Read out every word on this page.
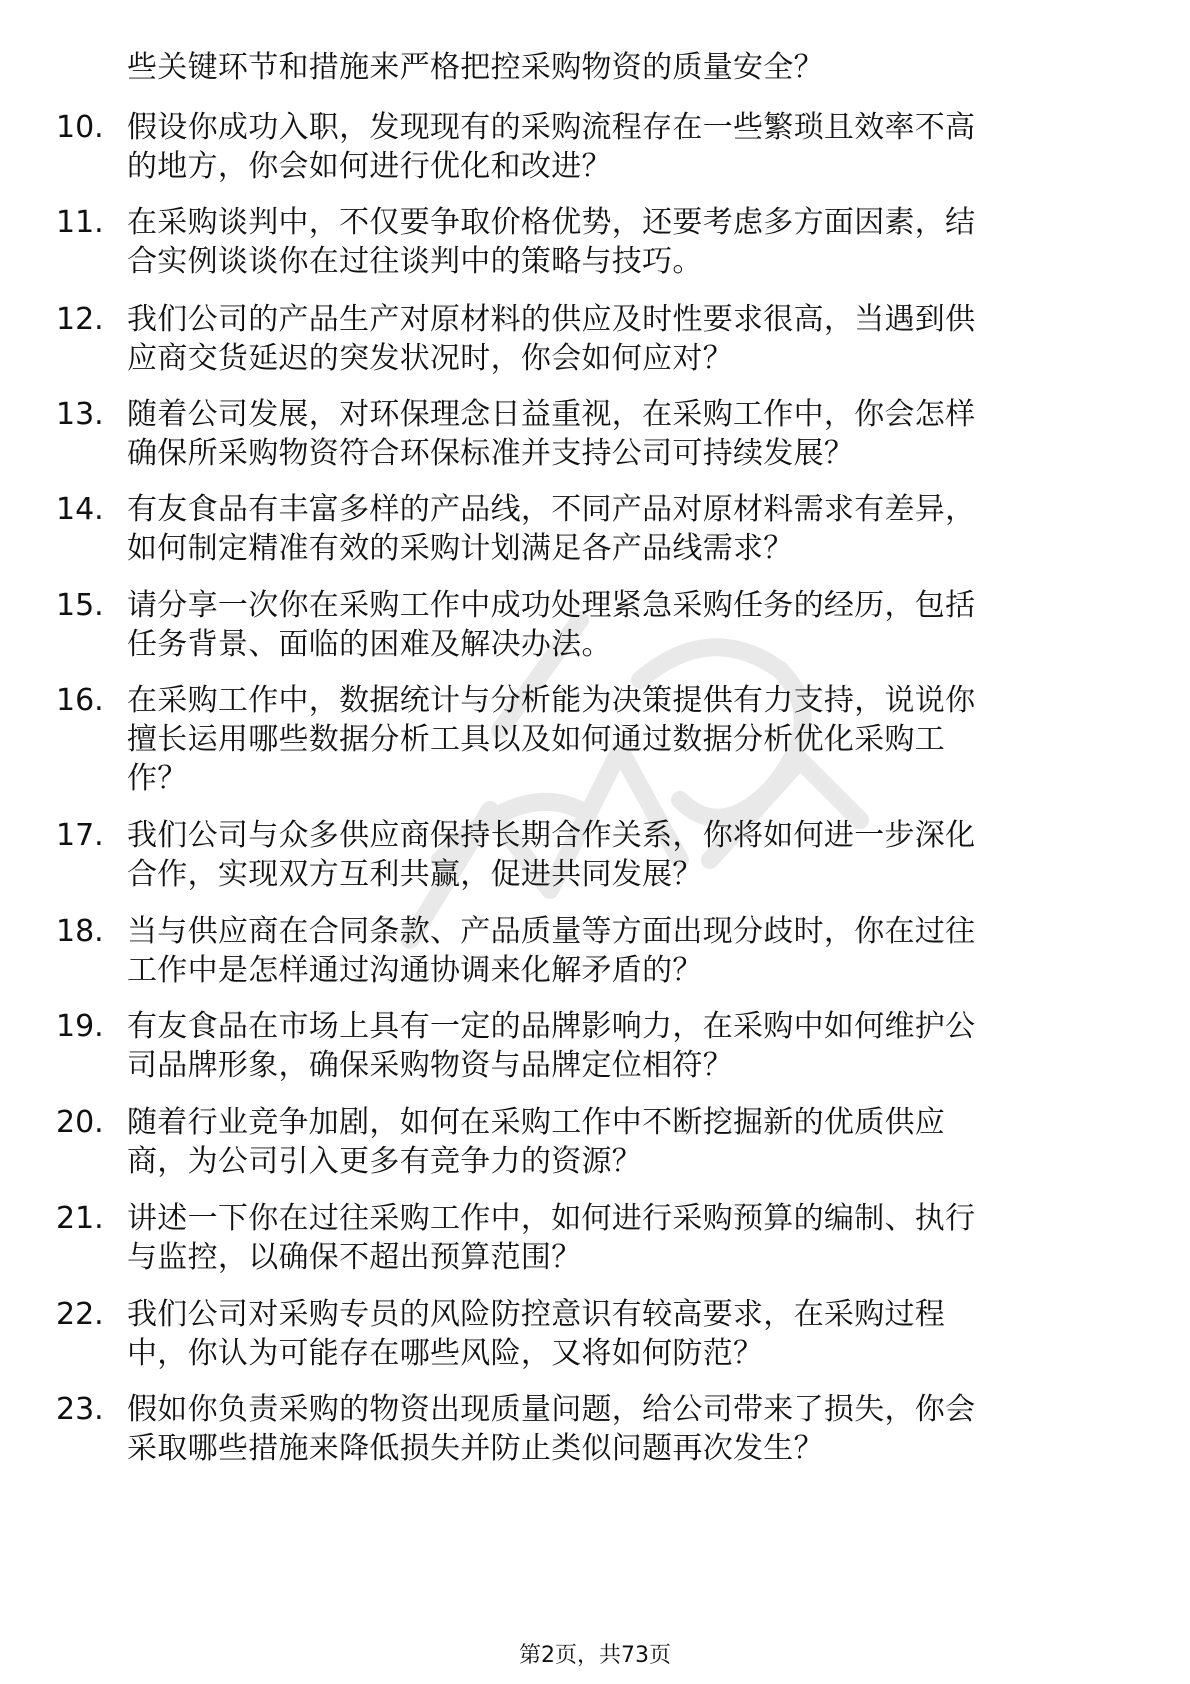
些关键环节和措施来严格把控采购物资的质量安全？
10. 假设你成功入职，发现现有的采购流程存在一些繁琐且效率不高
的地方，你会如何进行优化和改进？
11. 在采购谈判中，不仅要争取价格优势，还要考虑多方面因素，结
合实例谈谈你在过往谈判中的策略与技巧。
12. 我们公司的产品生产对原材料的供应及时性要求很高，当遇到供
应商交货延迟的突发状况时，你会如何应对？
13. 随着公司发展，对环保理念日益重视，在采购工作中，你会怎样
确保所采购物资符合环保标准并支持公司可持续发展？
14. 有友食品有丰富多样的产品线，不同产品对原材料需求有差异，
如何制定精准有效的采购计划满足各产品线需求？
15. 请分享一次你在采购工作中成功处理紧急采购任务的经历，包括
任务背景、面临的困难及解决办法。
16. 在采购工作中，数据统计与分析能为决策提供有力支持，说说你
擅长运用哪些数据分析工具以及如何通过数据分析优化采购工
作？
17. 我们公司与众多供应商保持长期合作关系，你将如何进一步深化
合作，实现双方互利共赢，促进共同发展？
18. 当与供应商在合同条款、产品质量等方面出现分歧时，你在过往
工作中是怎样通过沟通协调来化解矛盾的？
19. 有友食品在市场上具有一定的品牌影响力，在采购中如何维护公
司品牌形象，确保采购物资与品牌定位相符？
20. 随着行业竞争加剧，如何在采购工作中不断挖掘新的优质供应
商，为公司引入更多有竞争力的资源？
21. 讲述一下你在过往采购工作中，如何进行采购预算的编制、执行
与监控，以确保不超出预算范围？
22. 我们公司对采购专员的风险防控意识有较高要求，在采购过程
中，你认为可能存在哪些风险，又将如何防范？
23. 假如你负责采购的物资出现质量问题，给公司带来了损失，你会
采取哪些措施来降低损失并防止类似问题再次发生？
第2页，共73页
